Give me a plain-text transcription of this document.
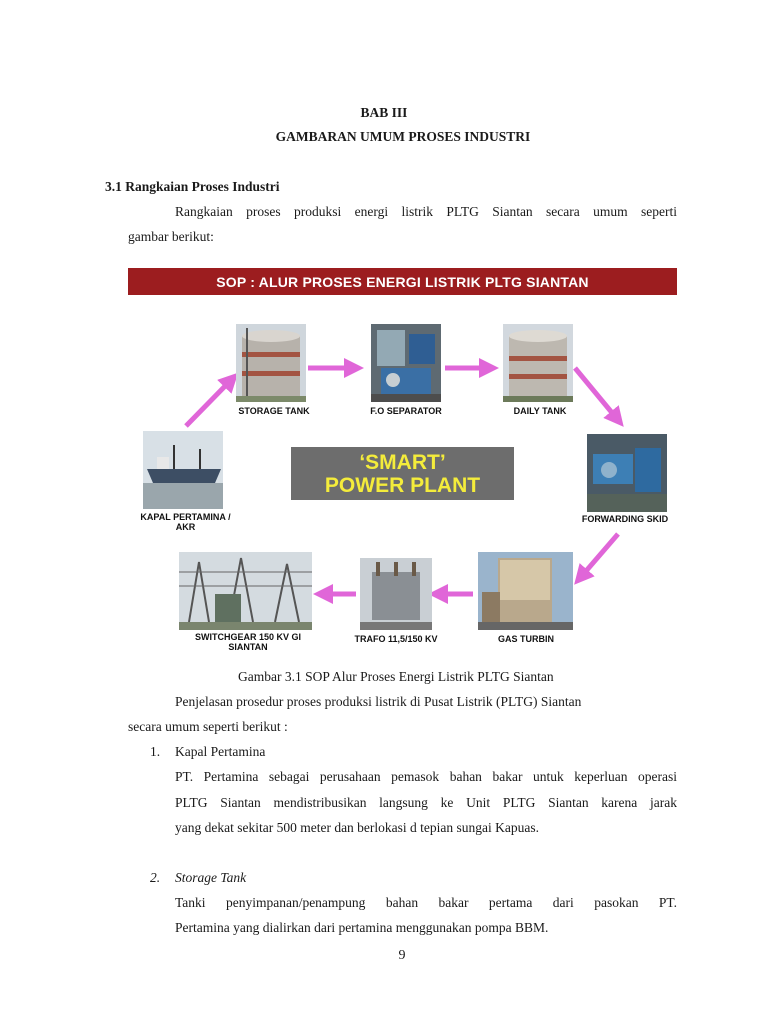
BAB III
GAMBARAN UMUM PROSES INDUSTRI
3.1 Rangkaian Proses Industri
Rangkaian proses produksi energi listrik PLTG Siantan secara umum seperti
gambar berikut:
SOP : ALUR PROSES ENERGI LISTRIK PLTG SIANTAN
STORAGE TANK	F.O SEPARATOR	DAILY TANK
KAPAL PERTAMINA /
AKR
‘SMART’
POWER PLANT
FORWARDING SKID
GAS TURBIN
TRAFO 11,5/150 KV
SWITCHGEAR 150 KV GI
SIANTAN
Gambar 3.1 SOP Alur Proses Energi Listrik PLTG Siantan
Penjelasan prosedur proses produksi listrik di Pusat Listrik (PLTG) Siantan
secara umum seperti berikut :
1. Kapal Pertamina
PT. Pertamina sebagai perusahaan pemasok bahan bakar untuk keperluan operasi
PLTG Siantan mendistribusikan langsung ke Unit PLTG Siantan karena jarak
yang dekat sekitar 500 meter dan berlokasi d tepian sungai Kapuas.
2. Storage Tank
Tanki penyimpanan/penampung bahan bakar pertama dari pasokan PT.
Pertamina yang dialirkan dari pertamina menggunakan pompa BBM.
9
